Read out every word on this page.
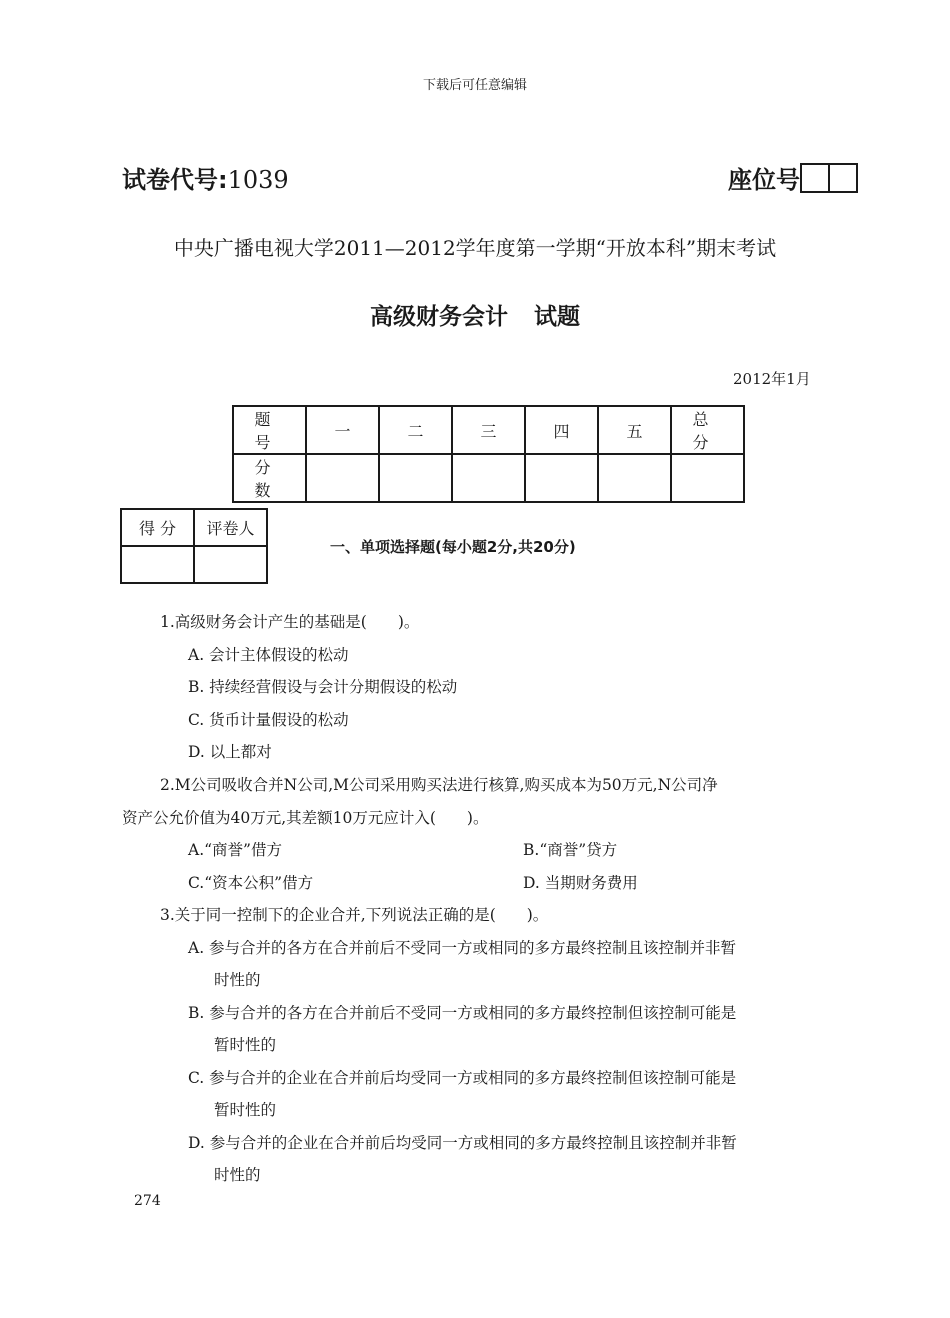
下载后可任意编辑
试卷代号:1039	座位号
中央广播电视大学2011—2012学年度第一学期“开放本科”期末考试
高级财务会计 试题
2012年1月
题 号	一	二	三	四	五	总 分
分 数						
得 分	评卷人

一、单项选择题(每小题2分,共20分)
1.高级财务会计产生的基础是(　　)。
A. 会计主体假设的松动
B. 持续经营假设与会计分期假设的松动
C. 货币计量假设的松动
D. 以上都对
2.M公司吸收合并N公司,M公司采用购买法进行核算,购买成本为50万元,N公司净
资产公允价值为40万元,其差额10万元应计入(　　)。
A.“商誉”借方	B.“商誉”贷方
C.“资本公积”借方	D. 当期财务费用
3.关于同一控制下的企业合并,下列说法正确的是(　　)。
A. 参与合并的各方在合并前后不受同一方或相同的多方最终控制且该控制并非暂
时性的
B. 参与合并的各方在合并前后不受同一方或相同的多方最终控制但该控制可能是
暂时性的
C. 参与合并的企业在合并前后均受同一方或相同的多方最终控制但该控制可能是
暂时性的
D. 参与合并的企业在合并前后均受同一方或相同的多方最终控制且该控制并非暂
时性的
274
